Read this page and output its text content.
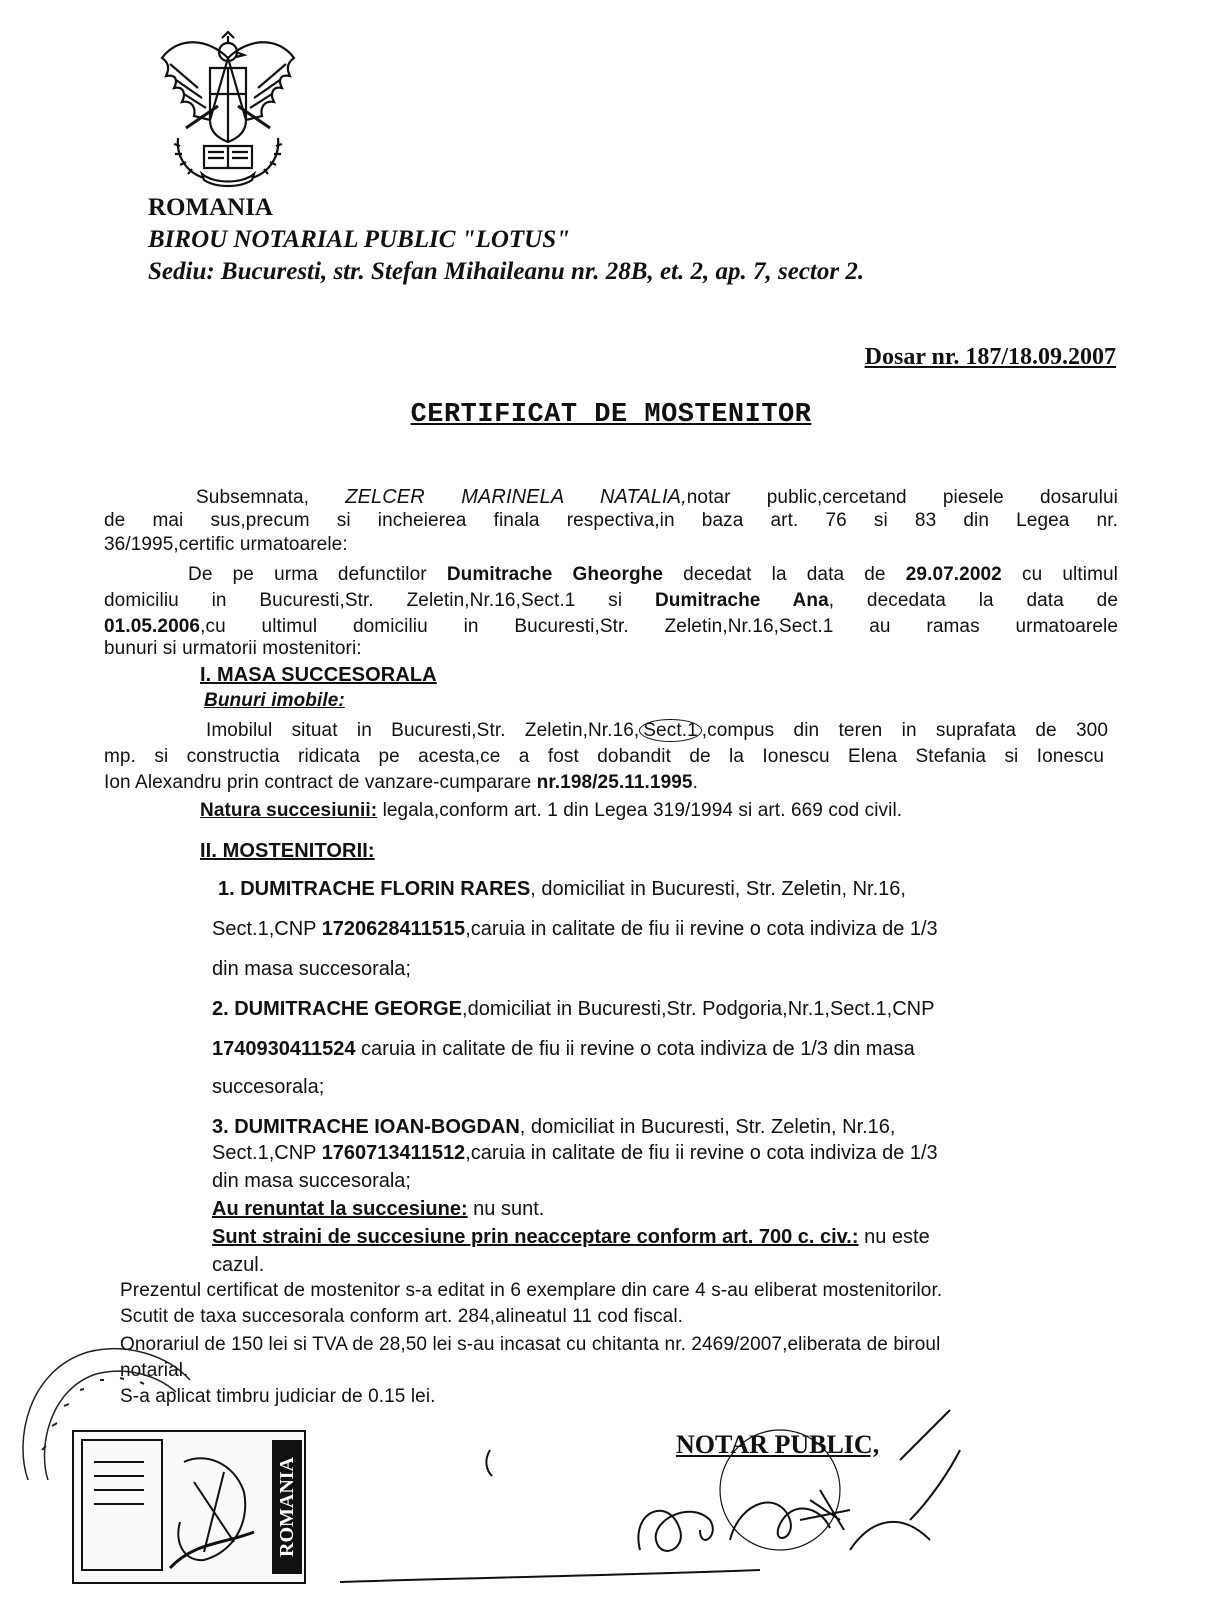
ROMANIA
BIROU NOTARIAL PUBLIC "LOTUS"
Sediu: Bucuresti, str. Stefan Mihaileanu nr. 28B, et. 2, ap. 7, sector 2.
Dosar nr. 187/18.09.2007
CERTIFICAT DE MOSTENITOR
Subsemnata, ZELCER MARINELA NATALIA,notar public,cercetand piesele dosarului
de mai sus,precum si incheierea finala respectiva,in baza art. 76 si 83 din Legea nr.
36/1995,certific urmatoarele:
De pe urma defunctilor Dumitrache Gheorghe decedat la data de 29.07.2002 cu ultimul
domiciliu in Bucuresti,Str. Zeletin,Nr.16,Sect.1 si Dumitrache Ana, decedata la data de
01.05.2006,cu ultimul domiciliu in Bucuresti,Str. Zeletin,Nr.16,Sect.1 au ramas urmatoarele
bunuri si urmatorii mostenitori:
I. MASA SUCCESORALA
Bunuri imobile:
Imobilul situat in Bucuresti,Str. Zeletin,Nr.16, Sect.1 ,compus din teren in suprafata de 300
mp. si constructia ridicata pe acesta,ce a fost dobandit de la Ionescu Elena Stefania si Ionescu
Ion Alexandru prin contract de vanzare-cumparare nr.198/25.11.1995.
Natura succesiunii: legala,conform art. 1 din Legea 319/1994 si art. 669 cod civil.
II. MOSTENITORII:
1. DUMITRACHE FLORIN RARES, domiciliat in Bucuresti, Str. Zeletin, Nr.16,
Sect.1,CNP 1720628411515,caruia in calitate de fiu ii revine o cota indiviza de 1/3
din masa succesorala;
2. DUMITRACHE GEORGE,domiciliat in Bucuresti,Str. Podgoria,Nr.1,Sect.1,CNP
1740930411524 caruia in calitate de fiu ii revine o cota indiviza de 1/3 din masa
succesorala;
3. DUMITRACHE IOAN-BOGDAN, domiciliat in Bucuresti, Str. Zeletin, Nr.16,
Sect.1,CNP 1760713411512,caruia in calitate de fiu ii revine o cota indiviza de 1/3
din masa succesorala;
Au renuntat la succesiune: nu sunt.
Sunt straini de succesiune prin neacceptare conform art. 700 c. civ.: nu este
cazul.
Prezentul certificat de mostenitor s-a editat in 6 exemplare din care 4 s-au eliberat mostenitorilor.
Scutit de taxa succesorala conform art. 284,alineatul 11 cod fiscal.
Onorariul de 150 lei si TVA de 28,50 lei s-au incasat cu chitanta nr. 2469/2007,eliberata de biroul
notarial.
S-a aplicat timbru judiciar de 0.15 lei.
ROMANIA
NOTAR PUBLIC,
